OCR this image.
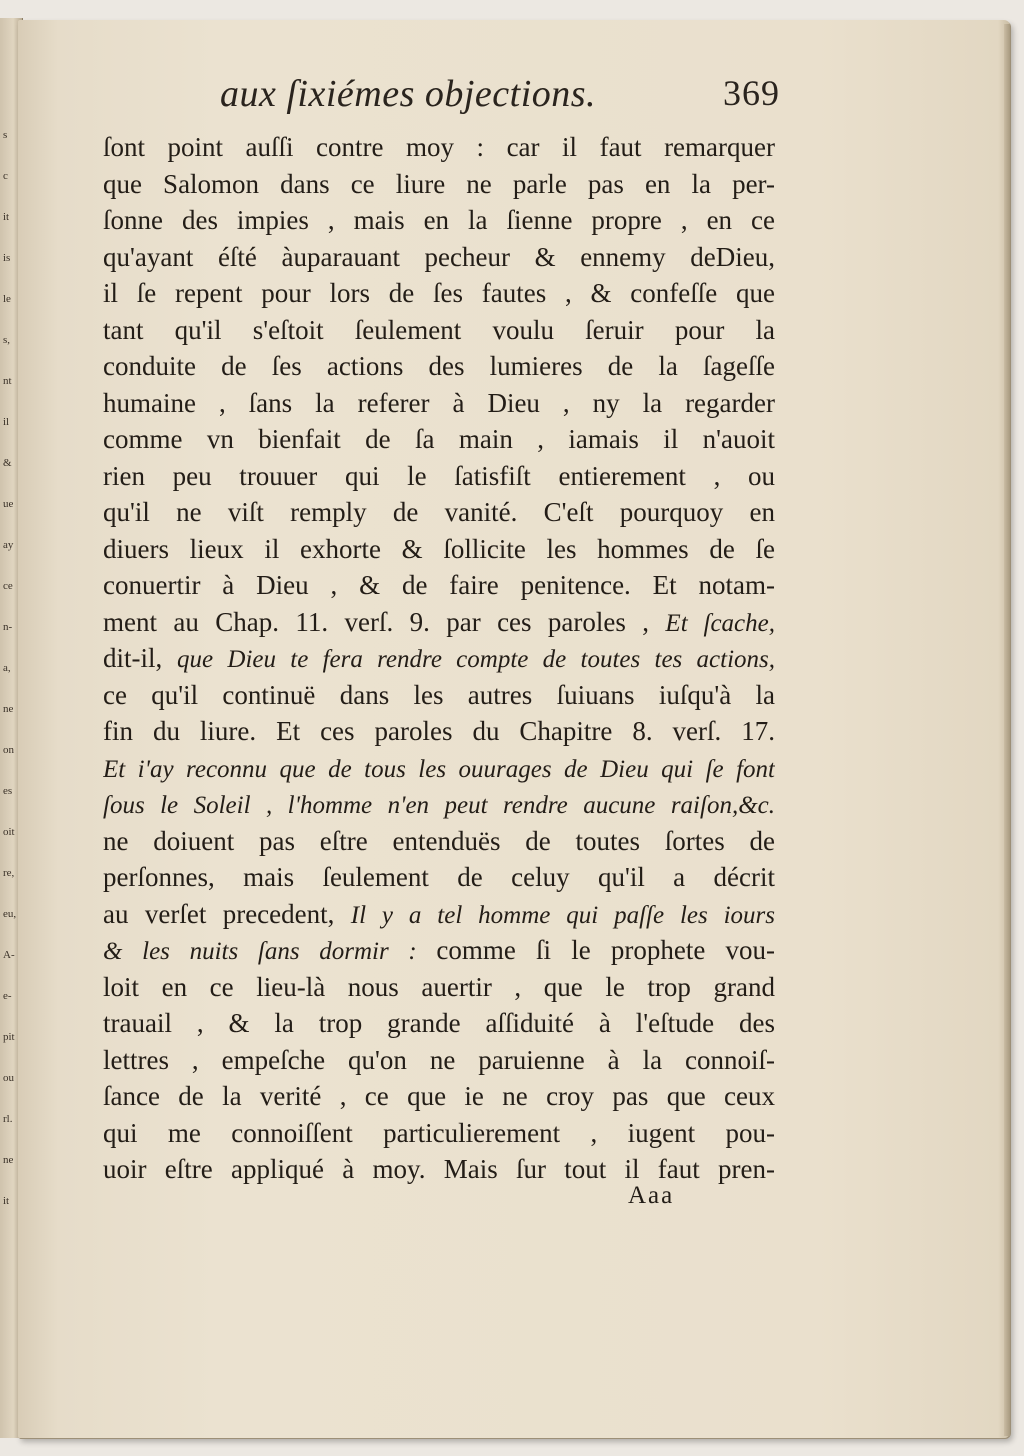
s
c
it
is
le
s,
nt
il
&
ue
ay
ce
n-
a,
ne
on
es
oit
re,
eu,
A-
e-
pit
ou
rl.
ne
it
aux ſixiémes objections.	369
ſont point auſſi contre moy : car il faut remarquer
que Salomon dans ce liure ne parle pas en la per-
ſonne des impies , mais en la ſienne propre , en ce
qu'ayant éſté àuparauant pecheur & ennemy deDieu,
il ſe repent pour lors de ſes fautes , & confeſſe que
tant qu'il s'eſtoit ſeulement voulu ſeruir pour la
conduite de ſes actions des lumieres de la ſageſſe
humaine , ſans la referer à Dieu , ny la regarder
comme vn bienfait de ſa main , iamais il n'auoit
rien peu trouuer qui le ſatisfiſt entierement , ou
qu'il ne viſt remply de vanité. C'eſt pourquoy en
diuers lieux il exhorte & ſollicite les hommes de ſe
conuertir à Dieu , & de faire penitence. Et notam-
ment au Chap. 11. verſ. 9. par ces paroles , Et ſcache,
dit-il, que Dieu te fera rendre compte de toutes tes actions,
ce qu'il continuë dans les autres ſuiuans iuſqu'à la
fin du liure. Et ces paroles du Chapitre 8. verſ. 17.
Et i'ay reconnu que de tous les ouurages de Dieu qui ſe font
ſous le Soleil , l'homme n'en peut rendre aucune raiſon,&c.
ne doiuent pas eſtre entenduës de toutes ſortes de
perſonnes, mais ſeulement de celuy qu'il a décrit
au verſet precedent, Il y a tel homme qui paſſe les iours
& les nuits ſans dormir : comme ſi le prophete vou-
loit en ce lieu-là nous auertir , que le trop grand
trauail , & la trop grande aſſiduité à l'eſtude des
lettres , empeſche qu'on ne paruienne à la connoiſ-
ſance de la verité , ce que ie ne croy pas que ceux
qui me connoiſſent particulierement , iugent pou-
uoir eſtre appliqué à moy. Mais ſur tout il faut pren-
Aaa
